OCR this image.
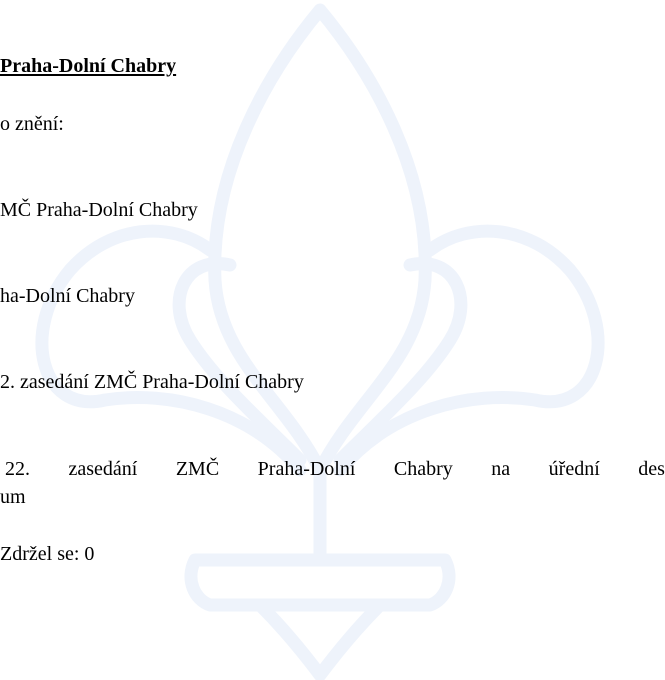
Praha-Dolní Chabry
o znění:
MČ Praha-Dolní Chabry
ha-Dolní Chabry
2. zasedání ZMČ Praha-Dolní Chabry
22. zasedání ZMČ Praha-Dolní Chabry na úřední des
um
Zdržel se: 0
